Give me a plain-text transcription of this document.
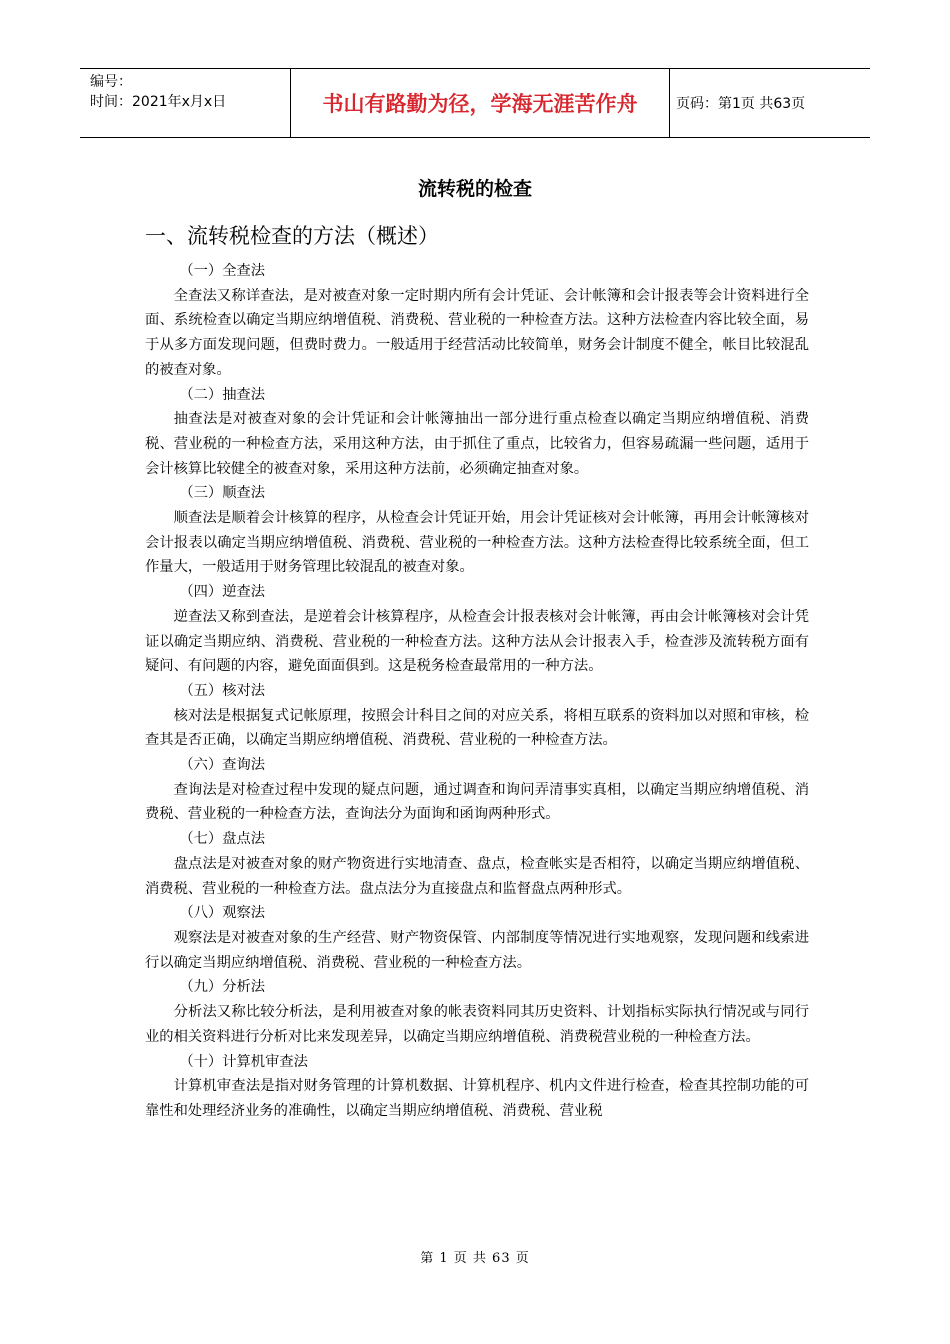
编号：
时间：2021年x月x日	书山有路勤为径，学海无涯苦作舟	页码：第1页 共63页
流转税的检查
一、流转税检查的方法（概述）

（一）全查法

全查法又称详查法，是对被查对象一定时期内所有会计凭证、会计帐簿和会计报表等会计资料进行全面、系统检查以确定当期应纳增值税、消费税、营业税的一种检查方法。这种方法检查内容比较全面，易于从多方面发现问题，但费时费力。一般适用于经营活动比较简单，财务会计制度不健全，帐目比较混乱的被查对象。

（二）抽查法

抽查法是对被查对象的会计凭证和会计帐簿抽出一部分进行重点检查以确定当期应纳增值税、消费税、营业税的一种检查方法，采用这种方法，由于抓住了重点，比较省力，但容易疏漏一些问题，适用于会计核算比较健全的被查对象，采用这种方法前，必须确定抽查对象。

（三）顺查法

顺查法是顺着会计核算的程序，从检查会计凭证开始，用会计凭证核对会计帐簿，再用会计帐簿核对会计报表以确定当期应纳增值税、消费税、营业税的一种检查方法。这种方法检查得比较系统全面，但工作量大，一般适用于财务管理比较混乱的被查对象。

（四）逆查法

逆查法又称到查法，是逆着会计核算程序，从检查会计报表核对会计帐簿，再由会计帐簿核对会计凭证以确定当期应纳、消费税、营业税的一种检查方法。这种方法从会计报表入手，检查涉及流转税方面有疑问、有问题的内容，避免面面俱到。这是税务检查最常用的一种方法。

（五）核对法

核对法是根据复式记帐原理，按照会计科目之间的对应关系，将相互联系的资料加以对照和审核，检查其是否正确，以确定当期应纳增值税、消费税、营业税的一种检查方法。

（六）查询法

查询法是对检查过程中发现的疑点问题，通过调查和询问弄清事实真相，以确定当期应纳增值税、消费税、营业税的一种检查方法，查询法分为面询和函询两种形式。

（七）盘点法

盘点法是对被查对象的财产物资进行实地清查、盘点，检查帐实是否相符，以确定当期应纳增值税、消费税、营业税的一种检查方法。盘点法分为直接盘点和监督盘点两种形式。

（八）观察法

观察法是对被查对象的生产经营、财产物资保管、内部制度等情况进行实地观察，发现问题和线索进行以确定当期应纳增值税、消费税、营业税的一种检查方法。

（九）分析法

分析法又称比较分析法，是利用被查对象的帐表资料同其历史资料、计划指标实际执行情况或与同行业的相关资料进行分析对比来发现差异，以确定当期应纳增值税、消费税营业税的一种检查方法。

（十）计算机审查法

计算机审查法是指对财务管理的计算机数据、计算机程序、机内文件进行检查，检查其控制功能的可靠性和处理经济业务的准确性，以确定当期应纳增值税、消费税、营业税

第 1 页 共 63 页
